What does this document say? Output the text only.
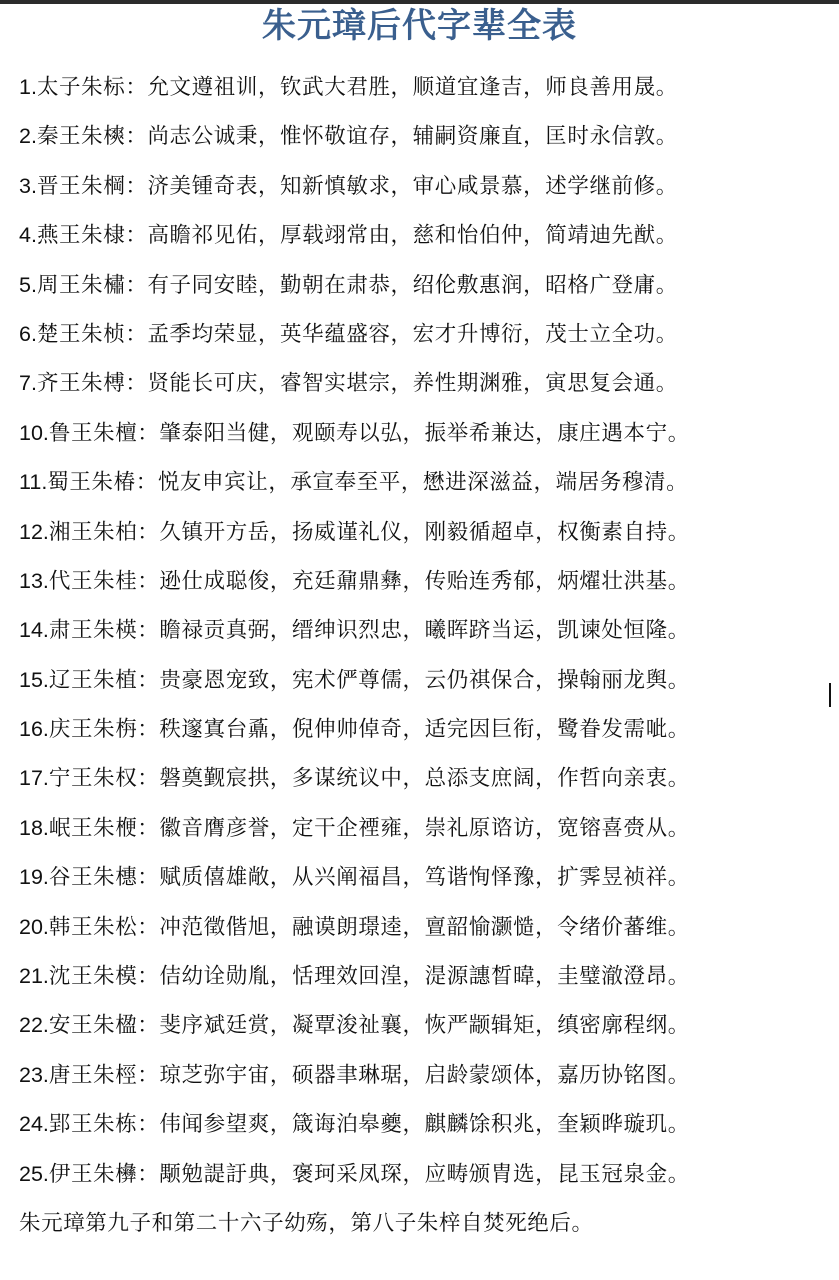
朱元璋后代字辈全表
1.太子朱标：允文遵祖训，钦武大君胜，顺道宜逢吉，师良善用晟。
2.秦王朱樉：尚志公诚秉，惟怀敬谊存，辅嗣资廉直，匡时永信敦。
3.晋王朱棡：济美锺奇表，知新慎敏求，审心咸景慕，述学继前修。
4.燕王朱棣：高瞻祁见佑，厚载翊常由，慈和怡伯仲，简靖迪先猷。
5.周王朱橚：有子同安睦，勤朝在肃恭，绍伦敷惠润，昭格广登庸。
6.楚王朱桢：孟季均荣显，英华蕴盛容，宏才升博衍，茂士立全功。
7.齐王朱榑：贤能长可庆，睿智实堪宗，养性期渊雅，寅思复会通。
10.鲁王朱檀：肇泰阳当健，观颐寿以弘，振举希兼达，康庄遇本宁。
11.蜀王朱椿：悦友申宾让，承宣奉至平，懋进深滋益，端居务穆清。
12.湘王朱柏：久镇开方岳，扬威谨礼仪，刚毅循超卓，权衡素自持。
13.代王朱桂：逊仕成聪俊，充廷鼐鼎彝，传贻连秀郁，炳燿壮洪基。
14.肃王朱楧：瞻禄贡真弼，缙绅识烈忠，曦晖跻当运，凯谏处恒隆。
15.辽王朱植：贵豪恩宠致，宪术俨尊儒，云仍祺保合，操翰丽龙舆。
16.庆王朱栴：秩邃寘台鼒，倪伸帅倬奇，适完因巨衔，鹭眷发需呲。
17.宁王朱权：磐奠觐宸拱，多谋统议中，总添支庶阔，作哲向亲衷。
18.岷王朱楩：徽音膺彦誉，定干企禋雍，崇礼原谘访，宽镕喜赍从。
19.谷王朱橞：赋质僖雄敞，从兴阐福昌，笃谐恂怿豫，扩霁昱祯祥。
20.韩王朱松：冲范徵偕旭，融谟朗璟逵，亶韶愉灏慥，令绪价蕃维。
21.沈王朱模：佶幼诠勋胤，恬理效回湟，湜源譓晳暐，圭璧澈澄昂。
22.安王朱楹：斐序斌廷赏，凝覃浚祉襄，恢严颛辑矩，缜密廓程纲。
23.唐王朱桱：琼芝弥宇宙，硕器聿琳琚，启龄蒙颂体，嘉历协铭图。
24.郢王朱栋：伟闻参望爽，箴诲泊皋夔，麒麟馀积兆，奎颖晔璇玑。
25.伊王朱㰘：颙勉諟訏典，褒珂采凤琛，应畴颁胄选，昆玉冠泉金。
朱元璋第九子和第二十六子幼殇，第八子朱梓自焚死绝后。
